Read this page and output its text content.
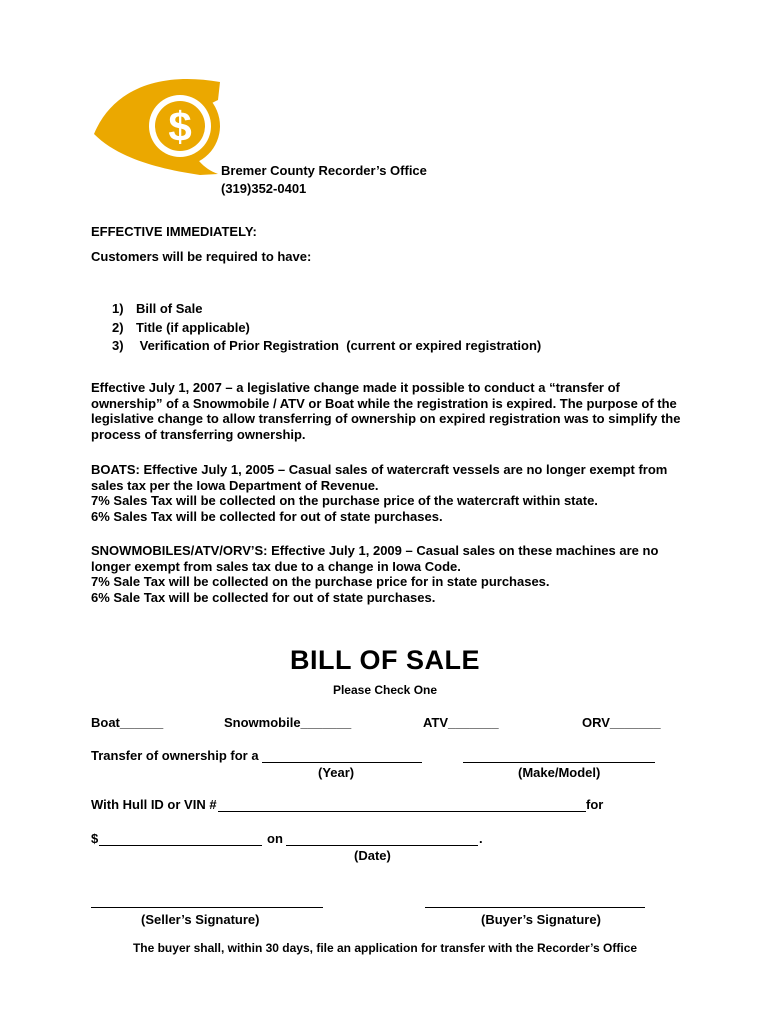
$
Bremer County Recorder’s Office
(319)352-0401
EFFECTIVE IMMEDIATELY:
Customers will be required to have:
1) Bill of Sale
2) Title (if applicable)
3) Verification of Prior Registration  (current or expired registration)
Effective July 1, 2007 – a legislative change made it possible to conduct a “transfer of ownership” of a Snowmobile / ATV or Boat while the registration is expired. The purpose of the legislative change to allow transferring of ownership on expired registration was to simplify the process of transferring ownership.
BOATS: Effective July 1, 2005 – Casual sales of watercraft vessels are no longer exempt from sales tax per the Iowa Department of Revenue.
7% Sales Tax will be collected on the purchase price of the watercraft within state.
6% Sales Tax will be collected for out of state purchases.
SNOWMOBILES/ATV/ORV’S: Effective July 1, 2009 – Casual sales on these machines are no longer exempt from sales tax due to a change in Iowa Code.
7% Sale Tax will be collected on the purchase price for in state purchases.
6% Sale Tax will be collected for out of state purchases.
BILL OF SALE
Please Check One
Boat______	Snowmobile_______	ATV_______	ORV_______
Transfer of ownership for a
(Year)	(Make/Model)
With Hull ID or VIN #	for
$	on	.
(Date)
(Seller’s Signature)	(Buyer’s Signature)
The buyer shall, within 30 days, file an application for transfer with the Recorder’s Office
